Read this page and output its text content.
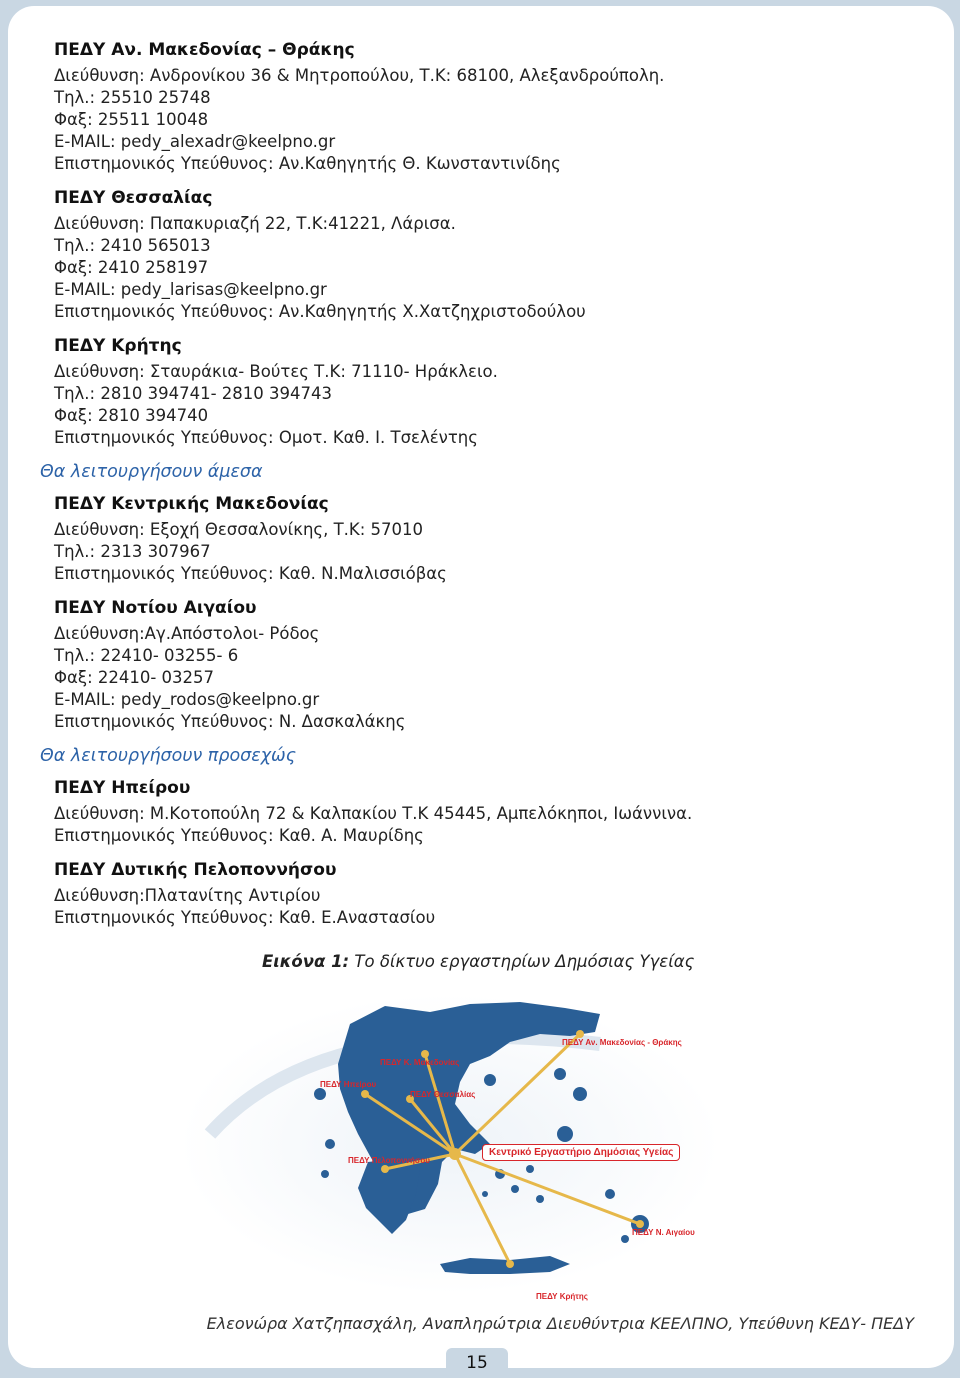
ΠΕΔΥ Αν. Μακεδονίας – Θράκης
Διεύθυνση: Ανδρονίκου 36 & Μητροπούλου, Τ.Κ: 68100, Αλεξανδρούπολη.
Τηλ.: 25510 25748
Φαξ: 25511 10048
E-MAIL: pedy_alexadr@keelpno.gr
Επιστημονικός Υπεύθυνος: Αν.Καθηγητής Θ. Κωνσταντινίδης
ΠΕΔΥ Θεσσαλίας
Διεύθυνση: Παπακυριαζή 22, Τ.Κ:41221, Λάρισα.
Τηλ.: 2410 565013
Φαξ: 2410 258197
E-MAIL: pedy_larisas@keelpno.gr
Επιστημονικός Υπεύθυνος: Αν.Καθηγητής Χ.Χατζηχριστοδούλου
ΠΕΔΥ Κρήτης
Διεύθυνση: Σταυράκια- Βούτες Τ.Κ: 71110- Ηράκλειο.
Τηλ.: 2810 394741- 2810 394743
Φαξ: 2810 394740
Επιστημονικός Υπεύθυνος: Ομοτ. Καθ. Ι. Τσελέντης
Θα λειτουργήσουν άμεσα
ΠΕΔΥ Κεντρικής Μακεδονίας
Διεύθυνση: Εξοχή Θεσσαλονίκης, Τ.Κ: 57010
Τηλ.: 2313 307967
Επιστημονικός Υπεύθυνος: Καθ. Ν.Μαλισσιόβας
ΠΕΔΥ Νοτίου Αιγαίου
Διεύθυνση:Αγ.Απόστολοι- Ρόδος
Τηλ.: 22410- 03255- 6
Φαξ: 22410- 03257
E-MAIL: pedy_rodos@keelpno.gr
Επιστημονικός Υπεύθυνος: Ν. Δασκαλάκης
Θα λειτουργήσουν προσεχώς
ΠΕΔΥ Ηπείρου
Διεύθυνση: Μ.Κοτοπούλη 72 & Καλπακίου Τ.Κ 45445, Αμπελόκηποι, Ιωάννινα.
Επιστημονικός Υπεύθυνος: Καθ. Α. Μαυρίδης
ΠΕΔΥ Δυτικής Πελοποννήσου
Διεύθυνση:Πλατανίτης Αντιρίου
Επιστημονικός Υπεύθυνος: Καθ. Ε.Αναστασίου
Εικόνα 1: Το δίκτυο εργαστηρίων Δημόσιας Υγείας
ΠΕΔΥ Αν. Μακεδονίας - Θράκης
ΠΕΔΥ Κ. Μακεδονίας
ΠΕΔΥ Ηπείρου
ΠΕΔΥ Θεσσαλίας
ΠΕΔΥ Πελοποννήσου
ΠΕΔΥ Ν. Αιγαίου
ΠΕΔΥ Κρήτης
Κεντρικό Εργαστήριο Δημόσιας Υγείας
Ελεονώρα Χατζηπασχάλη, Αναπληρώτρια Διευθύντρια ΚΕΕΛΠΝΟ, Υπεύθυνη ΚΕΔΥ- ΠΕΔΥ
15
